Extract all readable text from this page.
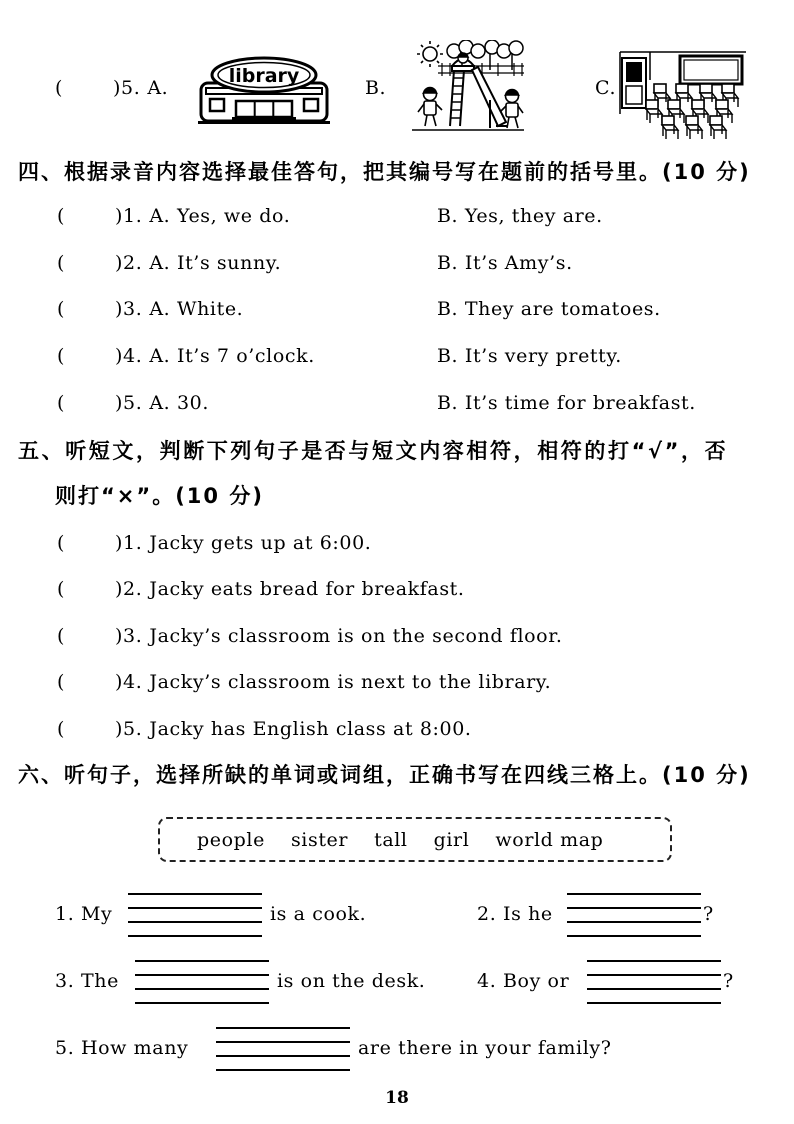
(	)5. A.	B.	C.
library
四、根据录音内容选择最佳答句，把其编号写在题前的括号里。(10 分)
(	)1. A. Yes, we do.	B. Yes, they are.
(	)2. A. It’s sunny.	B. It’s Amy’s.
(	)3. A. White.	B. They are tomatoes.
(	)4. A. It’s 7 o’clock.	B. It’s very pretty.
(	)5. A. 30.	B. It’s time for breakfast.
五、听短文，判断下列句子是否与短文内容相符，相符的打“√”，否
则打“×”。(10 分)
(	)1. Jacky gets up at 6:00.
(	)2. Jacky eats bread for breakfast.
(	)3. Jacky’s classroom is on the second floor.
(	)4. Jacky’s classroom is next to the library.
(	)5. Jacky has English class at 8:00.
六、听句子，选择所缺的单词或词组，正确书写在四线三格上。(10 分)
people sister tall girl world map
1. My	is a cook.	2. Is he	?
3. The	is on the desk.	4. Boy or	?
5. How many	are there in your family?
18
